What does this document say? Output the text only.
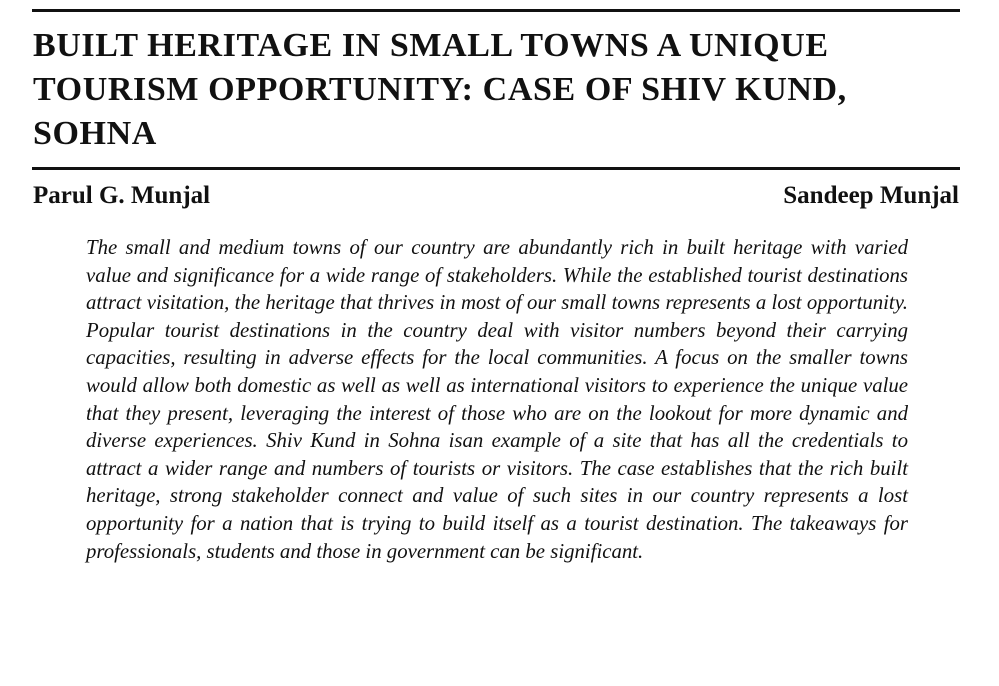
BUILT HERITAGE IN SMALL TOWNS A UNIQUE TOURISM OPPORTUNITY: CASE OF SHIV KUND, SOHNA
Parul G. Munjal	Sandeep Munjal

The small and medium towns of our country are abundantly rich in built heritage with varied value and significance for a wide range of stakeholders. While the established tourist destinations attract visitation, the heritage that thrives in most of our small towns represents a lost opportunity. Popular tourist destinations in the country deal with visitor numbers beyond their carrying capacities, resulting in adverse effects for the local communities. A focus on the smaller towns would allow both domestic as well as well as international visitors to experience the unique value that they present, leveraging the interest of those who are on the lookout for more dynamic and diverse experiences. Shiv Kund in Sohna isan example of a site that has all the credentials to attract a wider range and numbers of tourists or visitors. The case establishes that the rich built heritage, strong stakeholder connect and value of such sites in our country represents a lost opportunity for a nation that is trying to build itself as a tourist destination. The takeaways for professionals, students and those in government can be significant.
